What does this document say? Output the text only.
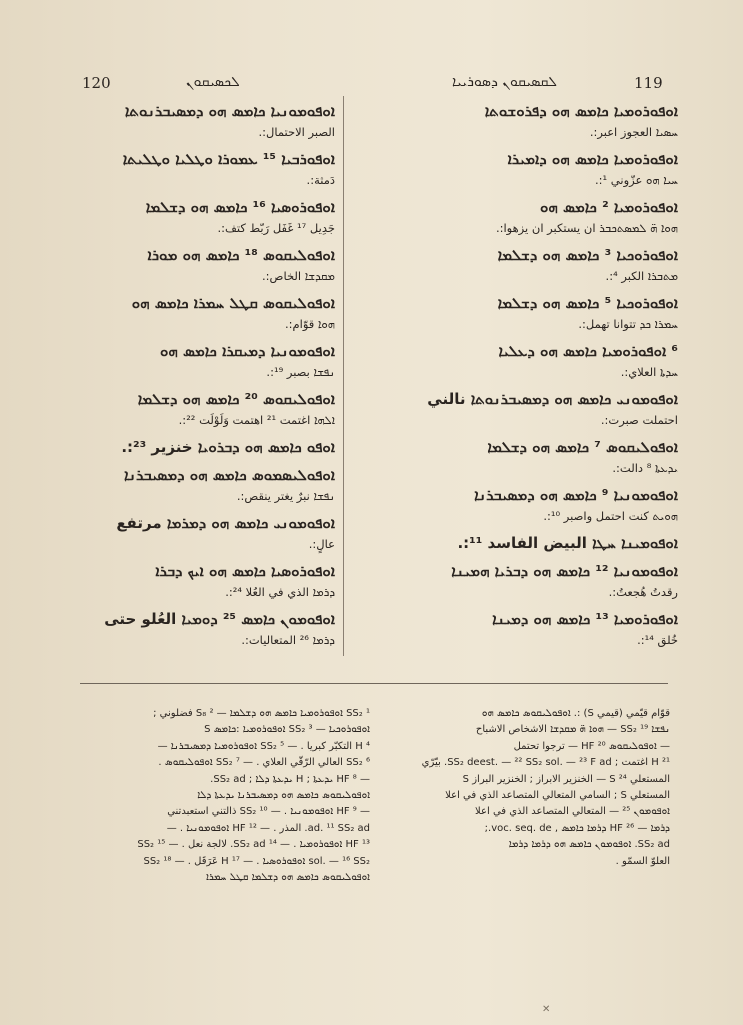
120	ܠܟܣܝܩܘܢ	ܠܩܣܝܩܘܢ ܕܣܘܪܝܝܐ	119
ܐܘܦܘܡܘܢܝܐ ܟܐܡܣ ܗܘ ܕܡܣܝܒܪܢܘܬܐ
الصبر الاحتمال:.
ܐܘܦܘܪܒܝܐ ¹⁵ ܥܡܘܪܐ ܘܛܠܝܐ ܘܛܠܝܬܐ
دَمثة:.
ܐܘܦܘܪܘܣܝܐ ¹⁶ ܟܐܡܣ ܗܘ ܕܫܠܡܐ
جَدِيل ¹⁷ غَفَل رَبّط كتف:.
ܐܘܦܘܠܝܩܘܣ ¹⁸ ܟܐܡܣ ܗܘ ܡܘܪܐ
ܡܩܕܫܐ الخاص:.
ܐܘܦܘܠܝܩܘܣ ܩܛܠ ܚܡܪܐ ܟܐܡܣ ܗܘ
ܗܘܐ قوّام:.
ܐܘܦܘܡܘܢܝܐ ܕܡܝܩܪܐ ܟܐܡܣ ܗܘ
ܢܦܫܐ بصبر ¹⁹:.
ܐܘܦܘܠܝܩܘܣ ²⁰ ܟܐܡܣ ܗܘ ܕܫܠܡܐ
ܐܠܗܐ اغتمت ²¹ اهتمت وَلَوْلَت ²²:.
ܐܘܦܘ ܟܐܡܣ ܗܘ ܕܒܪܘܝܐ خنزير ²³:.
ܐܘܦܘܠܝܣܡܘܣ ܟܐܡܣ ܗܘ ܕܡܣܝܒܪܢܐ
ܢܦܫܐ نبرٌ يغتر ينقص:.
ܐܘܦܘܡܘܢܝ ܟܐܡܣ ܗܘ ܕܡܪܡܐ مرتفع
عالٍ:.
ܐܘܦܘܪܘܣܝܐ ܟܐܡܣ ܗܘ ܐܝܟ ܕܒܪܐ
ܕܪܡܐ الذي في العُلا ²⁴:.
ܐܘܦܘܡܘܢ ܟܐܡܣ ²⁵ ܕܘܡܝܐ العُلو حتى
ܕܪܡܐ ²⁶ المتعاليات:.
ܐܘܦܘܪܘܡܝܐ ܟܐܡܣ ܗܘ ܕܦܪܘܫܘܬܐ
ܚܣܝܐ العجوز اعبر:.
ܐܘܦܘܪܘܡܝܐ ܟܐܡܣ ܗܘ ܕܐܡܝܪܐ
ܚܝܐ ܗܘ عزّوني ¹:.
ܐܘܦܘܪܘܡܝܐ ² ܟܐܡܣ ܗܘ
ܗܘܐ ܗ̈ ܠܡܣܬܟܒܪ ان يستكبر ان يزهوا:.
ܐܘܦܘܪܘܟܝܐ ³ ܟܐܡܣ ܗܘ ܕܫܠܡܐ
ܡܬܒܪܐ الكبر ⁴:.
ܐܘܦܘܪܘܟܝܐ ⁵ ܟܐܡܣ ܗܘ ܕܫܠܡܐ
ܚܡܪܐ ܟܕ تتوانا تهمل:.
⁶ ܐܘܦܘܪܘܡܝܐ ܟܐܡܣ ܗܘ ܕܥܠܝܐ
ܚܕܬܐ العلاي:.
ܐܘܦܘܡܘܢܝ ܟܐܡܣ ܗܘ ܕܡܣܝܒܪܢܘܬܐ نالني
احتملت صبرت:.
ܐܘܦܘܠܝܩܘܣ ⁷ ܟܐܡܣ ܗܘ ܕܫܠܡܐ
ܝܕܥܬܐ ⁸ دالت:.
ܐܘܦܘܡܘܢܝܐ ⁹ ܟܐܡܣ ܗܘ ܕܡܣܝܒܪܢܐ
ܗܘܝܬ كنت احتمل واصبر ¹⁰:.
ܐܘܦܘܡܝܢܐ ܚܛܐ البيض الفاسد ¹¹:.
ܐܘܦܘܡܘܢܝܐ ¹² ܟܐܡܣ ܗܘ ܕܒܪܝܐ ܗܡܝܢܐ
رقدتُ هُجعتُ:.
ܐܘܦܘܪܘܡܝܐ ¹³ ܟܐܡܣ ܗܘ ܕܡܝܢܐ
خُلق ¹⁴:.
¹ SS₂ ܐܘܦܘܪܘܡܝܐ ܟܐܡܣ ܗܘ ܕܫܠܡܐ — ² S₈ فضلوني ;
ܐܘܦܘܪܘܟܝܐ — ³ SS₂ ܐܘܦܘܪܘܡܝܐ :ܟܐܡܣ S
⁴ H التكبّر كبريا . — ⁵ SS₂ ܐܘܦܘܪܘܡܝܐ ܕܡܣܝܒܪܢܐ —
⁶ SS₂ العالي الرّقّي العلاي . — ⁷ SS₂ ܐܘܦܘܠܝܩܘܣ .
— ⁸ HF ܝܕܥܬܐ ; H ܝܕܥܬܐ ܕܠܐ ; SS₂ ad.
ܐܘܦܘܠܝܩܘܣ ܟܐܡܣ ܗܘ ܕܡܣܝܒܪܢܐ ܝܕܥܬܐ ܕܠܐ
— ⁹ HF ܐܘܦܘܡܘܢܝܐ . — ¹⁰ SS₂ ذالتني استعبدتني
ad. ¹¹ SS₂ ad. المذر . — ¹² HF ܐܘܦܘܡܘܢܝܐ . —
¹³ HF ܐܘܦܘܪܘܡܝܐ . — ¹⁴ SS₂ ad. لالجة نعل . — ¹⁵ SS₂
sol. — ¹⁶ SS₂ ܐܘܦܘܪܘܣܝܐ . — ¹⁷ H عَرَقَل . — ¹⁸ SS₂
ܐܘܦܘܠܝܩܘܣ ܟܐܡܣ ܗܘ ܕܫܠܡܐ ܩܛܠ ܚܡܪܐ
قوّام قيّمي (قيمي S) :. ܐܘܦܘܠܝܩܘܣ ܟܐܡܣ ܗܘ
ܢܦܫܐ SS₂ ¹⁹ — ܗܘܐ ܗ̈ ܡܩܕܫܐ الاشخاص الاشباح
— ܐܘܦܘܠܝܩܘܣ ²⁰ HF — ترجوا تحتمل
²¹ H اغتمت ; SS₂ deest. — ²² SS₂ sol. — ²³ F ad. بيّرّي
المستعلي S ²⁴ — الخنزير الابراز ; الخنزير البراز S
المستعلي S ; السامي المتعالي المتصاعد الذي في اعلا
ܐܘܦܘܡܘܢ ²⁵ — المتعالي المتصاعد الذي في اعلا
ܕܪܡܐ — ²⁶ HF ܕܪܡܐ ܟܐܡܣ , voc. seq. de.;
SS₂ ad. ܐܘܦܘܡܘܢ ܟܐܡܣ ܗܘ ܕܪܡܐ ܕܪܡܐ
العلوّ السمّو .
✕
